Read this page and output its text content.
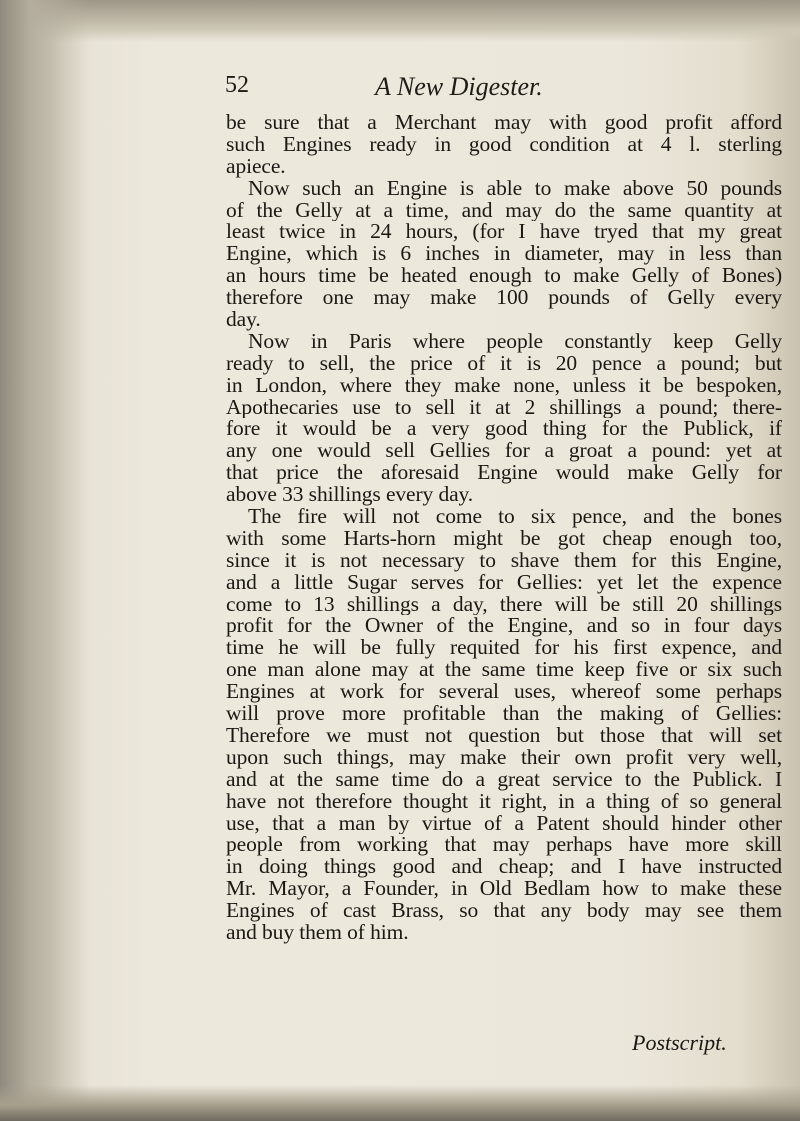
52	A New Digester.
be sure that a Merchant may with good profit afford
such Engines ready in good condition at 4 l. sterling
apiece.
Now such an Engine is able to make above 50 pounds
of the Gelly at a time, and may do the same quantity at
least twice in 24 hours, (for I have tryed that my great
Engine, which is 6 inches in diameter, may in less than
an hours time be heated enough to make Gelly of Bones)
therefore one may make 100 pounds of Gelly every
day.
Now in Paris where people constantly keep Gelly
ready to sell, the price of it is 20 pence a pound; but
in London, where they make none, unless it be bespoken,
Apothecaries use to sell it at 2 shillings a pound; there-
fore it would be a very good thing for the Publick, if
any one would sell Gellies for a groat a pound: yet at
that price the aforesaid Engine would make Gelly for
above 33 shillings every day.
The fire will not come to six pence, and the bones
with some Harts-horn might be got cheap enough too,
since it is not necessary to shave them for this Engine,
and a little Sugar serves for Gellies: yet let the expence
come to 13 shillings a day, there will be still 20 shillings
profit for the Owner of the Engine, and so in four days
time he will be fully requited for his first expence, and
one man alone may at the same time keep five or six such
Engines at work for several uses, whereof some perhaps
will prove more profitable than the making of Gellies:
Therefore we must not question but those that will set
upon such things, may make their own profit very well,
and at the same time do a great service to the Publick. I
have not therefore thought it right, in a thing of so general
use, that a man by virtue of a Patent should hinder other
people from working that may perhaps have more skill
in doing things good and cheap; and I have instructed
Mr. Mayor, a Founder, in Old Bedlam how to make these
Engines of cast Brass, so that any body may see them
and buy them of him.
Postscript.
